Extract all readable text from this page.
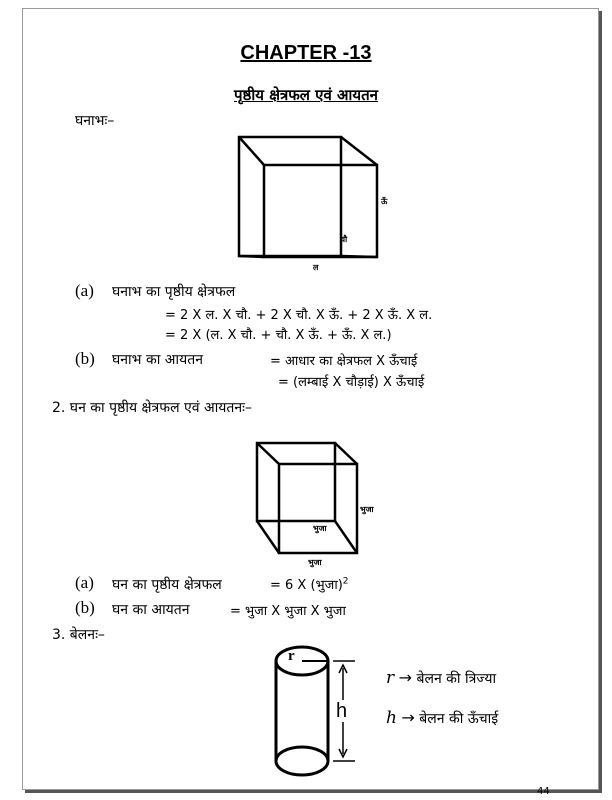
CHAPTER -13
पृष्ठीय क्षेत्रफल एवं आयतन
घनाभः–
ऊँ
चौ
ल
(a) घनाभ का पृष्ठीय क्षेत्रफल
= 2 X ल. X चौ. + 2 X चौ. X ऊँ. + 2 X ऊँ. X ल.
= 2 X (ल. X चौ. + चौ. X ऊँ. + ऊँ. X ल.)
(b) घनाभ का आयतन	= आधार का क्षेत्रफल X ऊँचाई
= (लम्बाई X चौड़ाई) X ऊँचाई
2. घन का पृष्ठीय क्षेत्रफल एवं आयतनः–
भुजा
भुजा
भुजा
(a) घन का पृष्ठीय क्षेत्रफल	= 6 X (भुजा)$^2$
(b) घन का आयतन	= भुजा X भुजा X भुजा
3. बेलनः–
r
h
r → बेलन की त्रिज्या
h → बेलन की ऊँचाई
44
